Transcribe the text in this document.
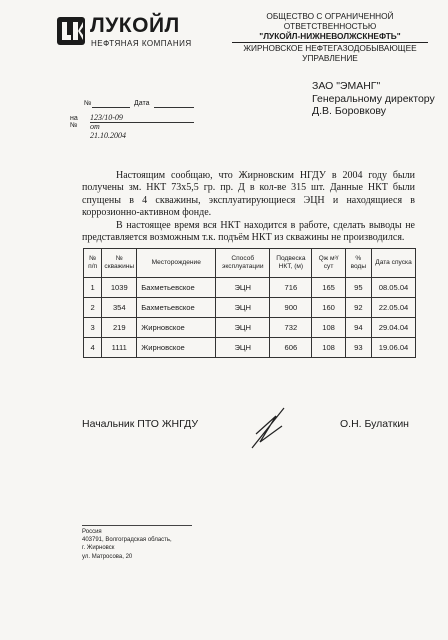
ЛУКОЙЛ
НЕФТЯНАЯ КОМПАНИЯ
ОБЩЕСТВО С ОГРАНИЧЕННОЙ ОТВЕТСТВЕННОСТЬЮ
"ЛУКОЙЛ-НИЖНЕВОЛЖСКНЕФТЬ"
ЖИРНОВСКОЕ НЕФТЕГАЗОДОБЫВАЮЩЕЕ
УПРАВЛЕНИЕ
№	Дата
на №
123/10-09 от 21.10.2004
ЗАО "ЭМАНГ"
Генеральному директору
Д.В. Боровкову

Настоящим сообщаю, что Жирновским НГДУ в 2004 году были получены зм. НКТ 73х5,5 гр. пр. Д в кол-ве 315 шт. Данные НКТ были спущены в 4 скважины, эксплуатирующиеся ЭЦН и находящиеся в коррозионно-активном фонде.

В настоящее время вся НКТ находится в работе, сделать выводы не представляется возможным т.к. подъём НКТ из скважины не производился.

№ п/п	№ скважины	Месторождение	Способ эксплуатации	Подвеска НКТ, (м)	Qж м³/сут	% воды	Дата спуска
1	1039	Бахметьевское	ЭЦН	716	165	95	08.05.04
2	354	Бахметьевское	ЭЦН	900	160	92	22.05.04
3	219	Жирновское	ЭЦН	732	108	94	29.04.04
4	1111	Жирновское	ЭЦН	606	108	93	19.06.04
Начальник ПТО ЖНГДУ	О.Н. Булаткин
Россия
403791, Волгоградская область,
г. Жирновск
ул. Матросова, 20
